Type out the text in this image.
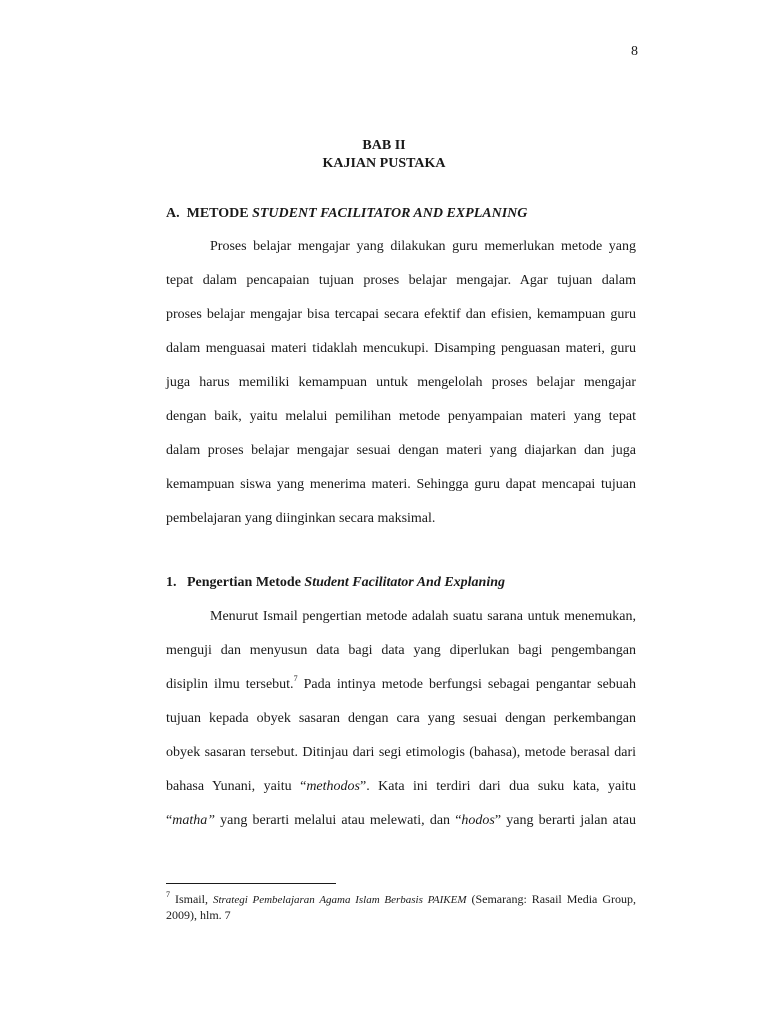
8
BAB II
KAJIAN PUSTAKA
A.  METODE STUDENT FACILITATOR AND EXPLANING
Proses belajar mengajar yang dilakukan guru memerlukan metode yang
tepat dalam pencapaian tujuan proses belajar mengajar. Agar tujuan dalam
proses belajar mengajar bisa tercapai secara efektif dan efisien, kemampuan guru
dalam menguasai materi tidaklah mencukupi. Disamping penguasan materi, guru
juga harus memiliki kemampuan untuk mengelolah proses belajar mengajar
dengan baik, yaitu melalui pemilihan metode penyampaian materi yang tepat
dalam proses belajar mengajar sesuai dengan materi yang diajarkan dan juga
kemampuan siswa yang menerima materi. Sehingga guru dapat mencapai tujuan
pembelajaran yang diinginkan secara maksimal.
1. Pengertian Metode Student Facilitator And Explaning
Menurut Ismail pengertian metode adalah suatu sarana untuk menemukan,
menguji dan menyusun data bagi data yang diperlukan bagi pengembangan
disiplin ilmu tersebut.$^7$ Pada intinya metode berfungsi sebagai pengantar sebuah
tujuan kepada obyek sasaran dengan cara yang sesuai dengan perkembangan
obyek sasaran tersebut. Ditinjau dari segi etimologis (bahasa), metode berasal dari
bahasa Yunani, yaitu “methodos”. Kata ini terdiri dari dua suku kata, yaitu
“matha” yang berarti melalui atau melewati, dan “hodos” yang berarti jalan atau
$^7$ Ismail, Strategi Pembelajaran Agama Islam Berbasis PAIKEM (Semarang: Rasail Media Group,
2009), hlm. 7
